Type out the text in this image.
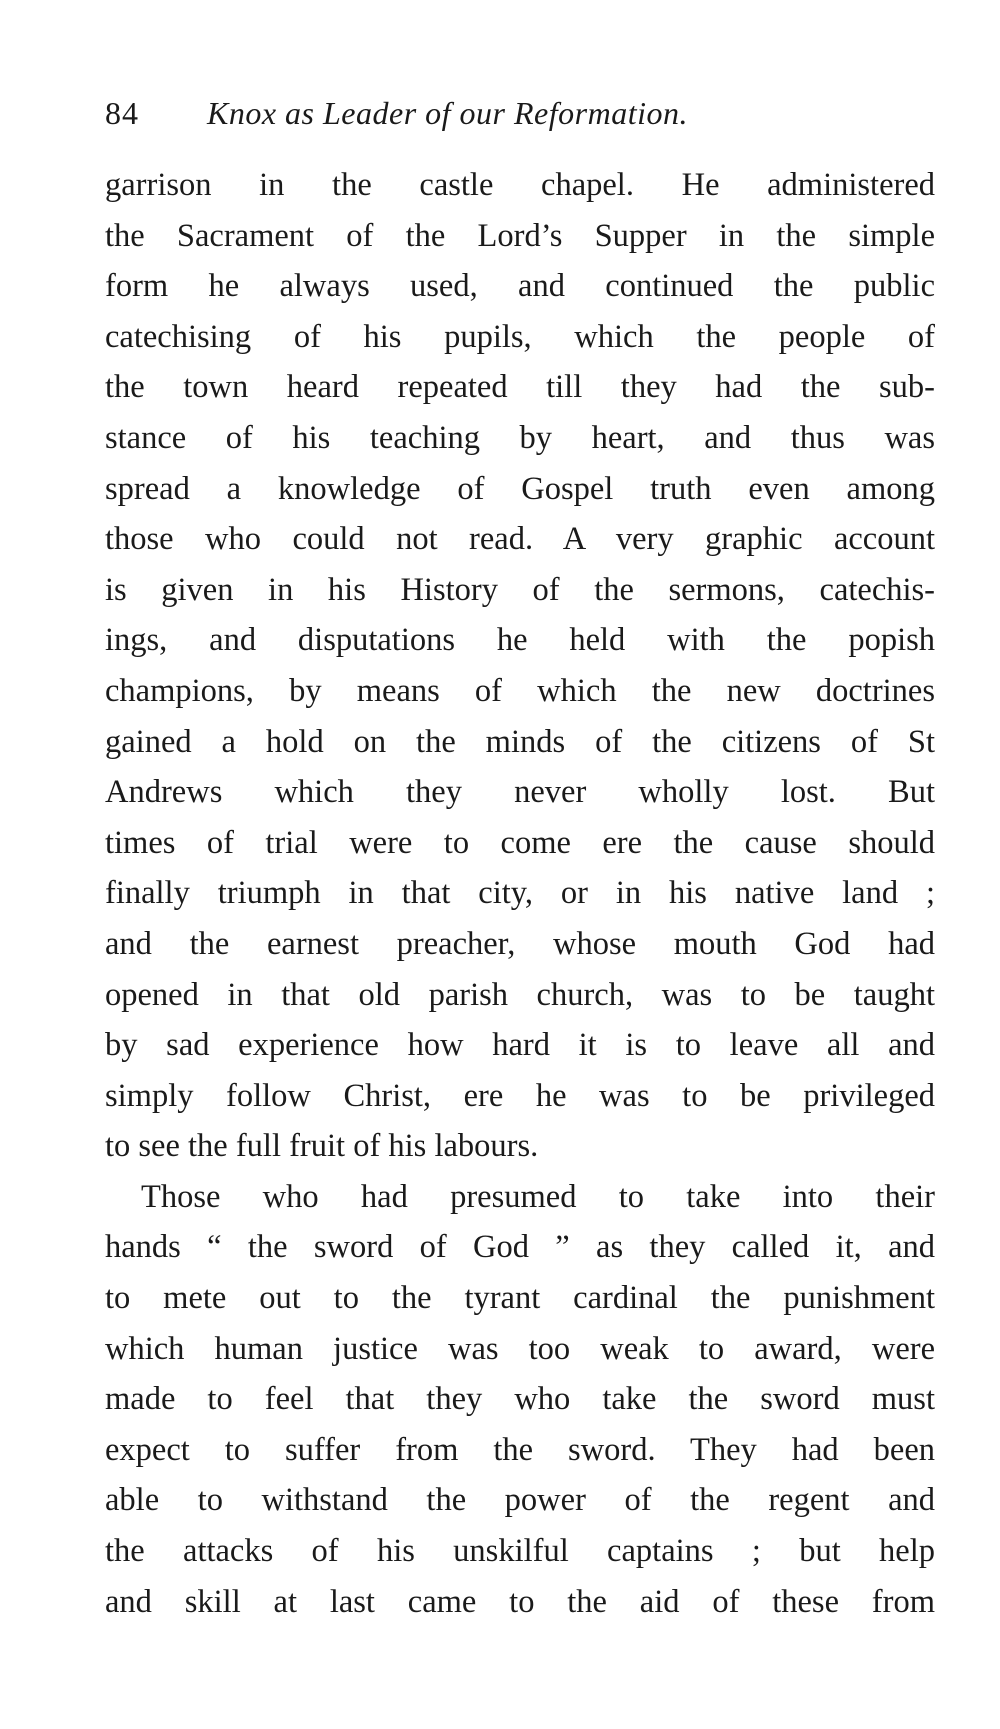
84 Knox as Leader of our Reformation.
garrison in the castle chapel. He administered
the Sacrament of the Lord’s Supper in the simple
form he always used, and continued the public
catechising of his pupils, which the people of
the town heard repeated till they had the sub-
stance of his teaching by heart, and thus was
spread a knowledge of Gospel truth even among
those who could not read. A very graphic account
is given in his History of the sermons, catechis-
ings, and disputations he held with the popish
champions, by means of which the new doctrines
gained a hold on the minds of the citizens of St
Andrews which they never wholly lost. But
times of trial were to come ere the cause should
finally triumph in that city, or in his native land ;
and the earnest preacher, whose mouth God had
opened in that old parish church, was to be taught
by sad experience how hard it is to leave all and
simply follow Christ, ere he was to be privileged
to see the full fruit of his labours.
Those who had presumed to take into their
hands “ the sword of God ” as they called it, and
to mete out to the tyrant cardinal the punishment
which human justice was too weak to award, were
made to feel that they who take the sword must
expect to suffer from the sword. They had been
able to withstand the power of the regent and
the attacks of his unskilful captains ; but help
and skill at last came to the aid of these from
